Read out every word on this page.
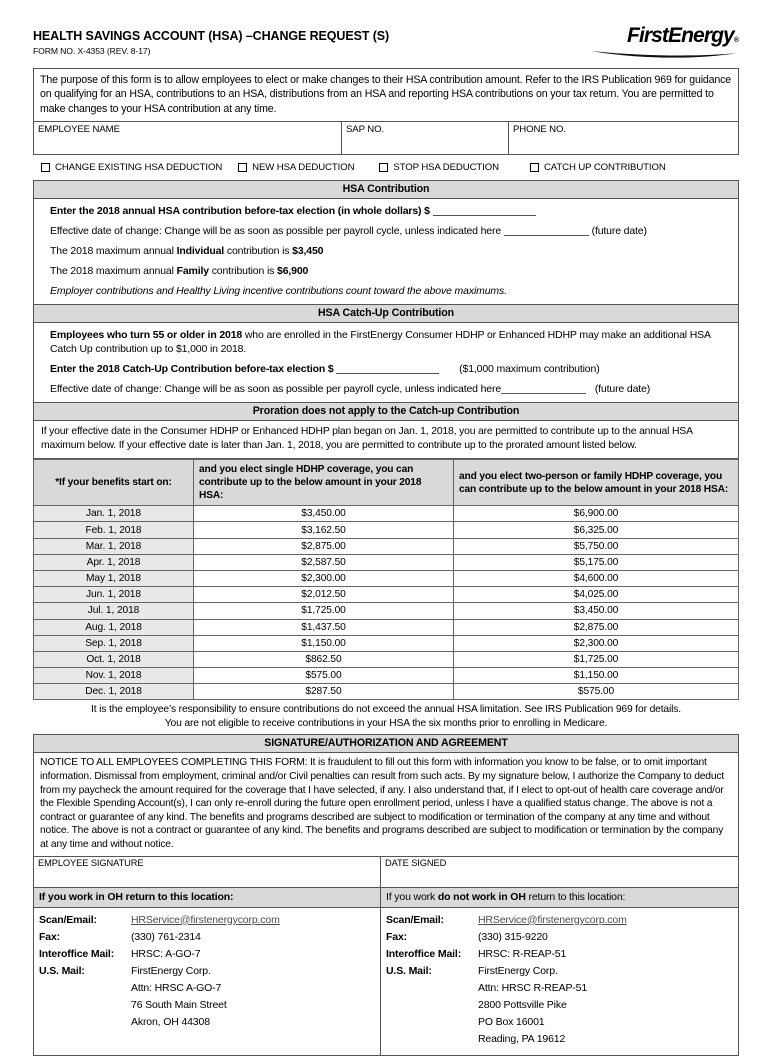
HEALTH SAVINGS ACCOUNT (HSA) –CHANGE REQUEST (S)
FORM NO. X-4353 (REV. 8-17)
FirstEnergy®
The purpose of this form is to allow employees to elect or make changes to their HSA contribution amount. Refer to the IRS Publication 969 for guidance on qualifying for an HSA, contributions to an HSA, distributions from an HSA and reporting HSA contributions on your tax return. You are permitted to make changes to your HSA contribution at any time.
EMPLOYEE NAME	SAP NO.	PHONE NO.
CHANGE EXISTING HSA DEDUCTION	NEW HSA DEDUCTION	STOP HSA DEDUCTION	CATCH UP CONTRIBUTION
HSA Contribution

Enter the 2018 annual HSA contribution before-tax election (in whole dollars) $

Effective date of change: Change will be as soon as possible per payroll cycle, unless indicated here	(future date)

The 2018 maximum annual Individual contribution is $3,450

The 2018 maximum annual Family contribution is $6,900

Employer contributions and Healthy Living incentive contributions count toward the above maximums.

HSA Catch-Up Contribution

Employees who turn 55 or older in 2018 who are enrolled in the FirstEnergy Consumer HDHP or Enhanced HDHP may make an additional HSA Catch Up contribution up to $1,000 in 2018.

Enter the 2018 Catch-Up Contribution before-tax election $	($1,000 maximum contribution)

Effective date of change: Change will be as soon as possible per payroll cycle, unless indicated here	(future date)

Proration does not apply to the Catch-up Contribution
If your effective date in the Consumer HDHP or Enhanced HDHP plan began on Jan. 1, 2018, you are permitted to contribute up to the annual HSA maximum below. If your effective date is later than Jan. 1, 2018, you are permitted to contribute up to the prorated amount listed below.
*If your benefits start on:	and you elect single HDHP coverage, you can contribute up to the below amount in your 2018 HSA:	and you elect two-person or family HDHP coverage, you can contribute up to the below amount in your 2018 HSA:
Jan. 1, 2018	$3,450.00	$6,900.00
Feb. 1, 2018	$3,162.50	$6,325.00
Mar. 1, 2018	$2,875.00	$5,750.00
Apr. 1, 2018	$2,587.50	$5,175.00
May 1, 2018	$2,300.00	$4,600.00
Jun. 1, 2018	$2,012.50	$4,025.00
Jul. 1, 2018	$1,725.00	$3,450.00
Aug. 1, 2018	$1,437.50	$2,875.00
Sep. 1, 2018	$1,150.00	$2,300.00
Oct. 1, 2018	$862.50	$1,725.00
Nov. 1, 2018	$575.00	$1,150.00
Dec. 1, 2018	$287.50	$575.00
It is the employee’s responsibility to ensure contributions do not exceed the annual HSA limitation. See IRS Publication 969 for details.
You are not eligible to receive contributions in your HSA the six months prior to enrolling in Medicare.
SIGNATURE/AUTHORIZATION AND AGREEMENT
NOTICE TO ALL EMPLOYEES COMPLETING THIS FORM: It is fraudulent to fill out this form with information you know to be false, or to omit important information. Dismissal from employment, criminal and/or Civil penalties can result from such acts. By my signature below, I authorize the Company to deduct from my paycheck the amount required for the coverage that I have selected, if any. I also understand that, if I elect to opt-out of health care coverage and/or the Flexible Spending Account(s), I can only re-enroll during the future open enrollment period, unless I have a qualified status change. The above is not a contract or guarantee of any kind. The benefits and programs described are subject to modification or termination of the company at any time and without notice. The above is not a contract or guarantee of any kind. The benefits and programs described are subject to modification or termination by the company at any time and without notice.
EMPLOYEE SIGNATURE	DATE SIGNED
If you work in OH return to this location:	If you work do not work in OH return to this location:
Scan/Email:	HRService@firstenergycorp.com
Fax:	(330) 761-2314
Interoffice Mail:	HRSC: A-GO-7
U.S. Mail:	FirstEnergy Corp.
Attn: HRSC A-GO-7
76 South Main Street
Akron, OH 44308
Scan/Email:	HRService@firstenergycorp.com
Fax:	(330) 315-9220
Interoffice Mail:	HRSC: R-REAP-51
U.S. Mail:	FirstEnergy Corp.
Attn: HRSC R-REAP-51
2800 Pottsville Pike
PO Box 16001
Reading, PA 19612
